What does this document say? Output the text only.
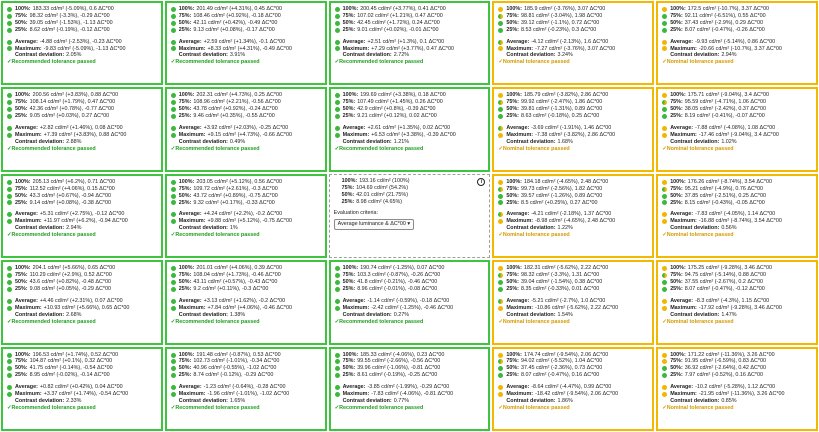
100%: 183.33 cd/m² (-5.09%), 0.6 ΔC*00
75%: 98.32 cd/m² (-3.3%), -0.29 ΔC*00
50%: 39.05 cd/m² (-1.53%), -1.13 ΔC*00
25%: 8.62 cd/m² (-0.19%), -0.12 ΔC*00
Average: -4.88 cd/m² (-2.53%), -0.23 ΔC*00
Maximum: -9.83 cd/m² (-5.09%), -1.13 ΔC*00
Contrast deviation: 2.05%
✓ Recommended tolerance passed
100%: 201.49 cd/m² (+4.31%), 0.45 ΔC*00
75%: 108.46 cd/m² (+0.92%), -0.18 ΔC*00
50%: 42.11 cd/m² (+0.42%), -0.49 ΔC*00
25%: 9.13 cd/m² (+0.08%), -0.17 ΔC*00
Average: +2.59 cd/m² (+1.34%), -0.1 ΔC*00
Maximum: +8.33 cd/m² (+4.31%), -0.49 ΔC*00
Contrast deviation: 3.91%
✓ Recommended tolerance passed
100%: 200.45 cd/m² (+3.77%), 0.41 ΔC*00
75%: 107.02 cd/m² (+1.21%), 0.47 ΔC*00
50%: 42.45 cd/m² (+1.72%), 0.24 ΔC*00
25%: 9.01 cd/m² (+0.02%), -0.01 ΔC*00
Average: +2.51 cd/m² (+1.3%), 0.1 ΔC*00
Maximum: +7.29 cd/m² (+3.77%), 0.47 ΔC*00
Contrast deviation: 2.72%
✓ Recommended tolerance passed
100%: 185.9 cd/m² (-3.76%), 3.07 ΔC*00
75%: 98.81 cd/m² (-3.04%), 1.98 ΔC*00
50%: 39.12 cd/m² (-1.1%), 0.72 ΔC*00
25%: 8.53 cd/m² (-0.23%), 0.3 ΔC*00
Average: -4.12 cd/m² (-2.13%), 1.6 ΔC*00
Maximum: -7.27 cd/m² (-3.76%), 3.07 ΔC*00
Contrast deviation: 3.24%
✓ Nominal tolerance passed
100%: 172.5 cd/m² (-10.7%), 3.37 ΔC*00
75%: 92.11 cd/m² (-6.51%), 0.55 ΔC*00
50%: 37.43 cd/m² (-2.9%), 0.29 ΔC*00
25%: 8.07 cd/m² (-0.47%), -0.26 ΔC*00
Average: -9.93 cd/m² (-5.14%), 0.86 ΔC*00
Maximum: -20.66 cd/m² (-10.7%), 3.37 ΔC*00
Contrast deviation: 2.94%
✓ Nominal tolerance passed
100%: 200.56 cd/m² (+3.83%), 0.88 ΔC*00
75%: 108.14 cd/m² (+1.79%), 0.47 ΔC*00
50%: 42.36 cd/m² (+0.78%), -0.77 ΔC*00
25%: 9.05 cd/m² (+0.03%), 0.27 ΔC*00
Average: +2.82 cd/m² (+1.46%), 0.08 ΔC*00
Maximum: +7.39 cd/m² (+3.83%), 0.88 ΔC*00
Contrast deviation: 2.88%
✓ Recommended tolerance passed
100%: 202.31 cd/m² (+4.73%), 0.25 ΔC*00
75%: 108.96 cd/m² (+2.21%), -0.56 ΔC*00
50%: 43.78 cd/m² (+0.92%), -0.24 ΔC*00
25%: 9.46 cd/m² (+0.35%), -0.55 ΔC*00
Average: +3.92 cd/m² (+2.03%), -0.25 ΔC*00
Maximum: +9.15 cd/m² (+4.73%), -0.66 ΔC*00
Contrast deviation: 0.49%
✓ Recommended tolerance passed
100%: 199.69 cd/m² (+3.38%), 0.18 ΔC*00
75%: 107.49 cd/m² (+1.45%), 0.26 ΔC*00
50%: 42.9 cd/m² (+0.8%), -0.39 ΔC*00
25%: 9.21 cd/m² (+0.12%), 0.02 ΔC*00
Average: +2.61 cd/m² (+1.35%), 0.02 ΔC*00
Maximum: +6.53 cd/m² (+3.38%), -0.39 ΔC*00
Contrast deviation: 1.21%
✓ Recommended tolerance passed
100%: 185.79 cd/m² (-3.82%), 2.86 ΔC*00
75%: 99.92 cd/m² (-2.47%), 1.86 ΔC*00
50%: 39.81 cd/m² (-1.31%), 0.89 ΔC*00
25%: 8.63 cd/m² (-0.18%), 0.25 ΔC*00
Average: -3.69 cd/m² (-1.91%), 1.46 ΔC*00
Maximum: -7.38 cd/m² (-3.82%), 2.86 ΔC*00
Contrast deviation: 1.68%
✓ Nominal tolerance passed
100%: 175.71 cd/m² (-9.04%), 3.4 ΔC*00
75%: 95.59 cd/m² (-4.71%), 1.06 ΔC*00
50%: 38.05 cd/m² (-2.42%), 0.37 ΔC*00
25%: 8.19 cd/m² (-0.41%), -0.07 ΔC*00
Average: -7.88 cd/m² (-4.08%), 1.08 ΔC*00
Maximum: -17.46 cd/m² (-9.04%), 3.4 ΔC*00
Contrast deviation: 1.02%
✓ Nominal tolerance passed
100%: 205.13 cd/m² (+6.2%), 0.71 ΔC*00
75%: 112.52 cd/m² (+4.06%), 0.15 ΔC*00
50%: 43.3 cd/m² (+0.67%), -0.94 ΔC*00
25%: 9.14 cd/m² (+0.08%), -0.38 ΔC*00
Average: +5.31 cd/m² (+2.75%), -0.12 ΔC*00
Maximum: +11.97 cd/m² (+6.2%), -0.94 ΔC*00
Contrast deviation: 2.94%
✓ Recommended tolerance passed
100%: 203.05 cd/m² (+5.12%), 0.56 ΔC*00
75%: 109.72 cd/m² (+2.61%), -0.3 ΔC*00
50%: 43.72 cd/m² (+0.89%), -0.75 ΔC*00
25%: 9.32 cd/m² (+0.17%), -0.33 ΔC*00
Average: +4.24 cd/m² (+2.2%), -0.2 ΔC*00
Maximum: +9.88 cd/m² (+5.12%), -0.75 ΔC*00
Contrast deviation: 1%
✓ Recommended tolerance passed
i
100%: 193.16 cd/m² (100%)
75%: 104.69 cd/m² (54.2%)
50%: 42.01 cd/m² (21.75%)
25%: 8.98 cd/m² (4.65%)
Evaluation criteria:
Average luminance & ΔC*00 ▾
100%: 184.18 cd/m² (-4.65%), 2.48 ΔC*00
75%: 99.73 cd/m² (-2.56%), 1.82 ΔC*00
50%: 39.57 cd/m² (-1.26%), 0.89 ΔC*00
25%: 8.5 cd/m² (+0.25%), 0.27 ΔC*00
Average: -4.21 cd/m² (-2.18%), 1.37 ΔC*00
Maximum: -8.98 cd/m² (-4.65%), 2.48 ΔC*00
Contrast deviation: 1.22%
✓ Nominal tolerance passed
100%: 176.26 cd/m² (-8.74%), 3.54 ΔC*00
75%: 95.21 cd/m² (-4.9%), 0.76 ΔC*00
50%: 37.85 cd/m² (-2.51%), 0.25 ΔC*00
25%: 8.15 cd/m² (-0.43%), -0.05 ΔC*00
Average: -7.83 cd/m² (-4.05%), 1.14 ΔC*00
Maximum: -16.88 cd/m² (-8.74%), 3.54 ΔC*00
Contrast deviation: 0.56%
✓ Nominal tolerance passed
100%: 204.1 cd/m² (+5.66%), 0.65 ΔC*00
75%: 110.29 cd/m² (+2.9%), 0.52 ΔC*00
50%: 43.6 cd/m² (+0.82%), -0.48 ΔC*00
25%: 9.08 cd/m² (+0.05%), -0.29 ΔC*00
Average: +4.46 cd/m² (+2.31%), 0.07 ΔC*00
Maximum: +10.93 cd/m² (+5.66%), 0.65 ΔC*00
Contrast deviation: 2.68%
✓ Recommended tolerance passed
100%: 201.01 cd/m² (+4.06%), 0.39 ΔC*00
75%: 108.04 cd/m² (+1.73%), -0.46 ΔC*00
50%: 43.11 cd/m² (+0.57%), -0.43 ΔC*00
25%: 9.2 cd/m² (+0.11%), -0.3 ΔC*00
Average: +3.13 cd/m² (+1.62%), -0.2 ΔC*00
Maximum: +7.84 cd/m² (+4.06%), -0.46 ΔC*00
Contrast deviation: 1.38%
✓ Recommended tolerance passed
100%: 190.74 cd/m² (-1.25%), 0.07 ΔC*00
75%: 103.3 cd/m² (-0.87%), -0.26 ΔC*00
50%: 41.8 cd/m² (-0.21%), -0.46 ΔC*00
25%: 8.96 cd/m² (-0.01%), -0.08 ΔC*00
Average: -1.14 cd/m² (-0.59%), -0.18 ΔC*00
Maximum: -2.42 cd/m² (-1.25%), -0.46 ΔC*00
Contrast deviation: 0.27%
✓ Recommended tolerance passed
100%: 182.31 cd/m² (-5.62%), 2.22 ΔC*00
75%: 98.32 cd/m² (-3.3%), 1.31 ΔC*00
50%: 39.04 cd/m² (-1.54%), 0.38 ΔC*00
25%: 8.35 cd/m² (-0.33%), 0.01 ΔC*00
Average: -5.21 cd/m² (-2.7%), 1.0 ΔC*00
Maximum: -10.86 cd/m² (-5.62%), 2.22 ΔC*00
Contrast deviation: 1.54%
✓ Nominal tolerance passed
100%: 175.25 cd/m² (-9.28%), 3.46 ΔC*00
75%: 94.75 cd/m² (-5.14%), 0.88 ΔC*00
50%: 37.55 cd/m² (-2.67%), 0.2 ΔC*00
25%: 8.07 cd/m² (-0.47%), -0.12 ΔC*00
Average: -8.3 cd/m² (-4.3%), 1.15 ΔC*00
Maximum: -17.92 cd/m² (-9.28%), 3.46 ΔC*00
Contrast deviation: 1.47%
✓ Nominal tolerance passed
100%: 196.53 cd/m² (+1.74%), 0.52 ΔC*00
75%: 104.87 cd/m² (+0.1%), 0.32 ΔC*00
50%: 41.75 cd/m² (-0.14%), -0.54 ΔC*00
25%: 8.95 cd/m² (-0.02%), -0.14 ΔC*00
Average: +0.82 cd/m² (+0.42%), 0.04 ΔC*00
Maximum: +3.37 cd/m² (+1.74%), -0.54 ΔC*00
Contrast deviation: 2.33%
✓ Recommended tolerance passed
100%: 191.48 cd/m² (-0.87%), 0.53 ΔC*00
75%: 102.73 cd/m² (-1.01%), -0.34 ΔC*00
50%: 40.96 cd/m² (-0.55%), -1.02 ΔC*00
25%: 8.74 cd/m² (-0.12%), -0.29 ΔC*00
Average: -1.23 cd/m² (-0.64%), -0.28 ΔC*00
Maximum: -1.96 cd/m² (-1.01%), -1.02 ΔC*00
Contrast deviation: 1.65%
✓ Recommended tolerance passed
100%: 185.33 cd/m² (-4.06%), 0.23 ΔC*00
75%: 99.55 cd/m² (-2.66%), -0.56 ΔC*00
50%: 39.96 cd/m² (-1.06%), -0.81 ΔC*00
25%: 8.61 cd/m² (-0.19%), -0.25 ΔC*00
Average: -3.85 cd/m² (-1.99%), -0.29 ΔC*00
Maximum: -7.83 cd/m² (-4.06%), -0.81 ΔC*00
Contrast deviation: 0.77%
✓ Recommended tolerance passed
100%: 174.74 cd/m² (-9.54%), 2.06 ΔC*00
75%: 94.02 cd/m² (-5.52%), 1.04 ΔC*00
50%: 37.45 cd/m² (-2.36%), 0.73 ΔC*00
25%: 8.07 cd/m² (-0.47%), 0.16 ΔC*00
Average: -8.64 cd/m² (-4.47%), 0.99 ΔC*00
Maximum: -18.42 cd/m² (-9.54%), 2.06 ΔC*00
Contrast deviation: 1.86%
✓ Nominal tolerance passed
100%: 171.22 cd/m² (-11.36%), 3.26 ΔC*00
75%: 91.95 cd/m² (-6.59%), 0.83 ΔC*00
50%: 36.92 cd/m² (-2.64%), 0.42 ΔC*00
25%: 7.97 cd/m² (-0.52%), 0.16 ΔC*00
Average: -10.2 cd/m² (-5.28%), 1.12 ΔC*00
Maximum: -21.95 cd/m² (-11.36%), 3.26 ΔC*00
Contrast deviation: 0.85%
✓ Nominal tolerance passed
